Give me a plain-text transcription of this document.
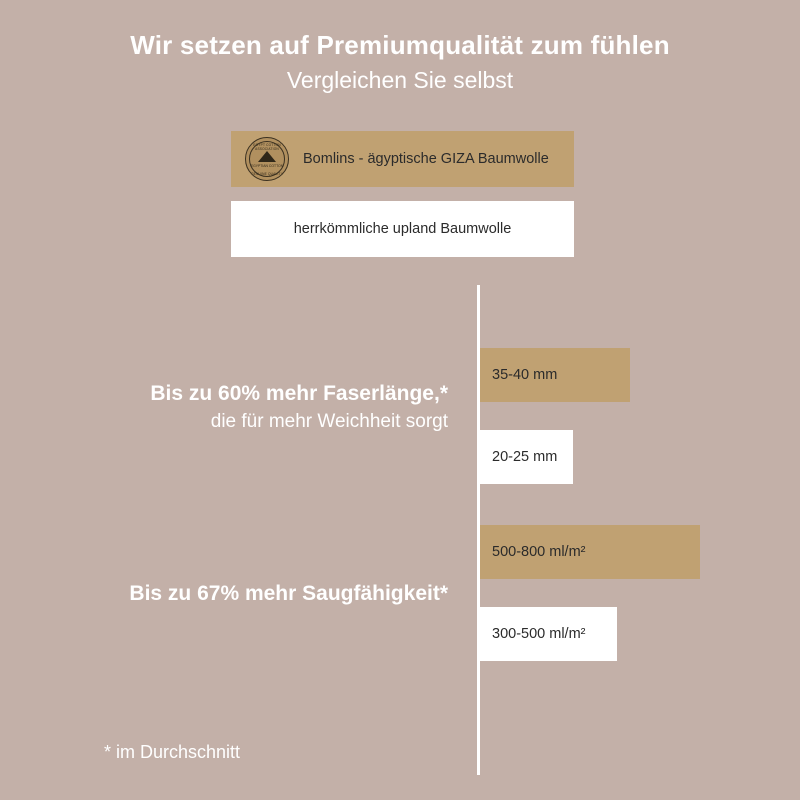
Wir setzen auf Premiumqualität zum fühlen
Vergleichen Sie selbst
EGYPT COTTON ASSOCIATION
EGYPTIAN COTTON
GENUINE QUALITY
Bomlins - ägyptische GIZA Baumwolle
herrkömmliche upland Baumwolle
Bis zu 60% mehr Faserlänge,*
die für mehr Weichheit sorgt
Bis zu 67% mehr Saugfähigkeit*
35-40 mm
20-25 mm
500-800 ml/m²
300-500 ml/m²
* im Durchschnitt
